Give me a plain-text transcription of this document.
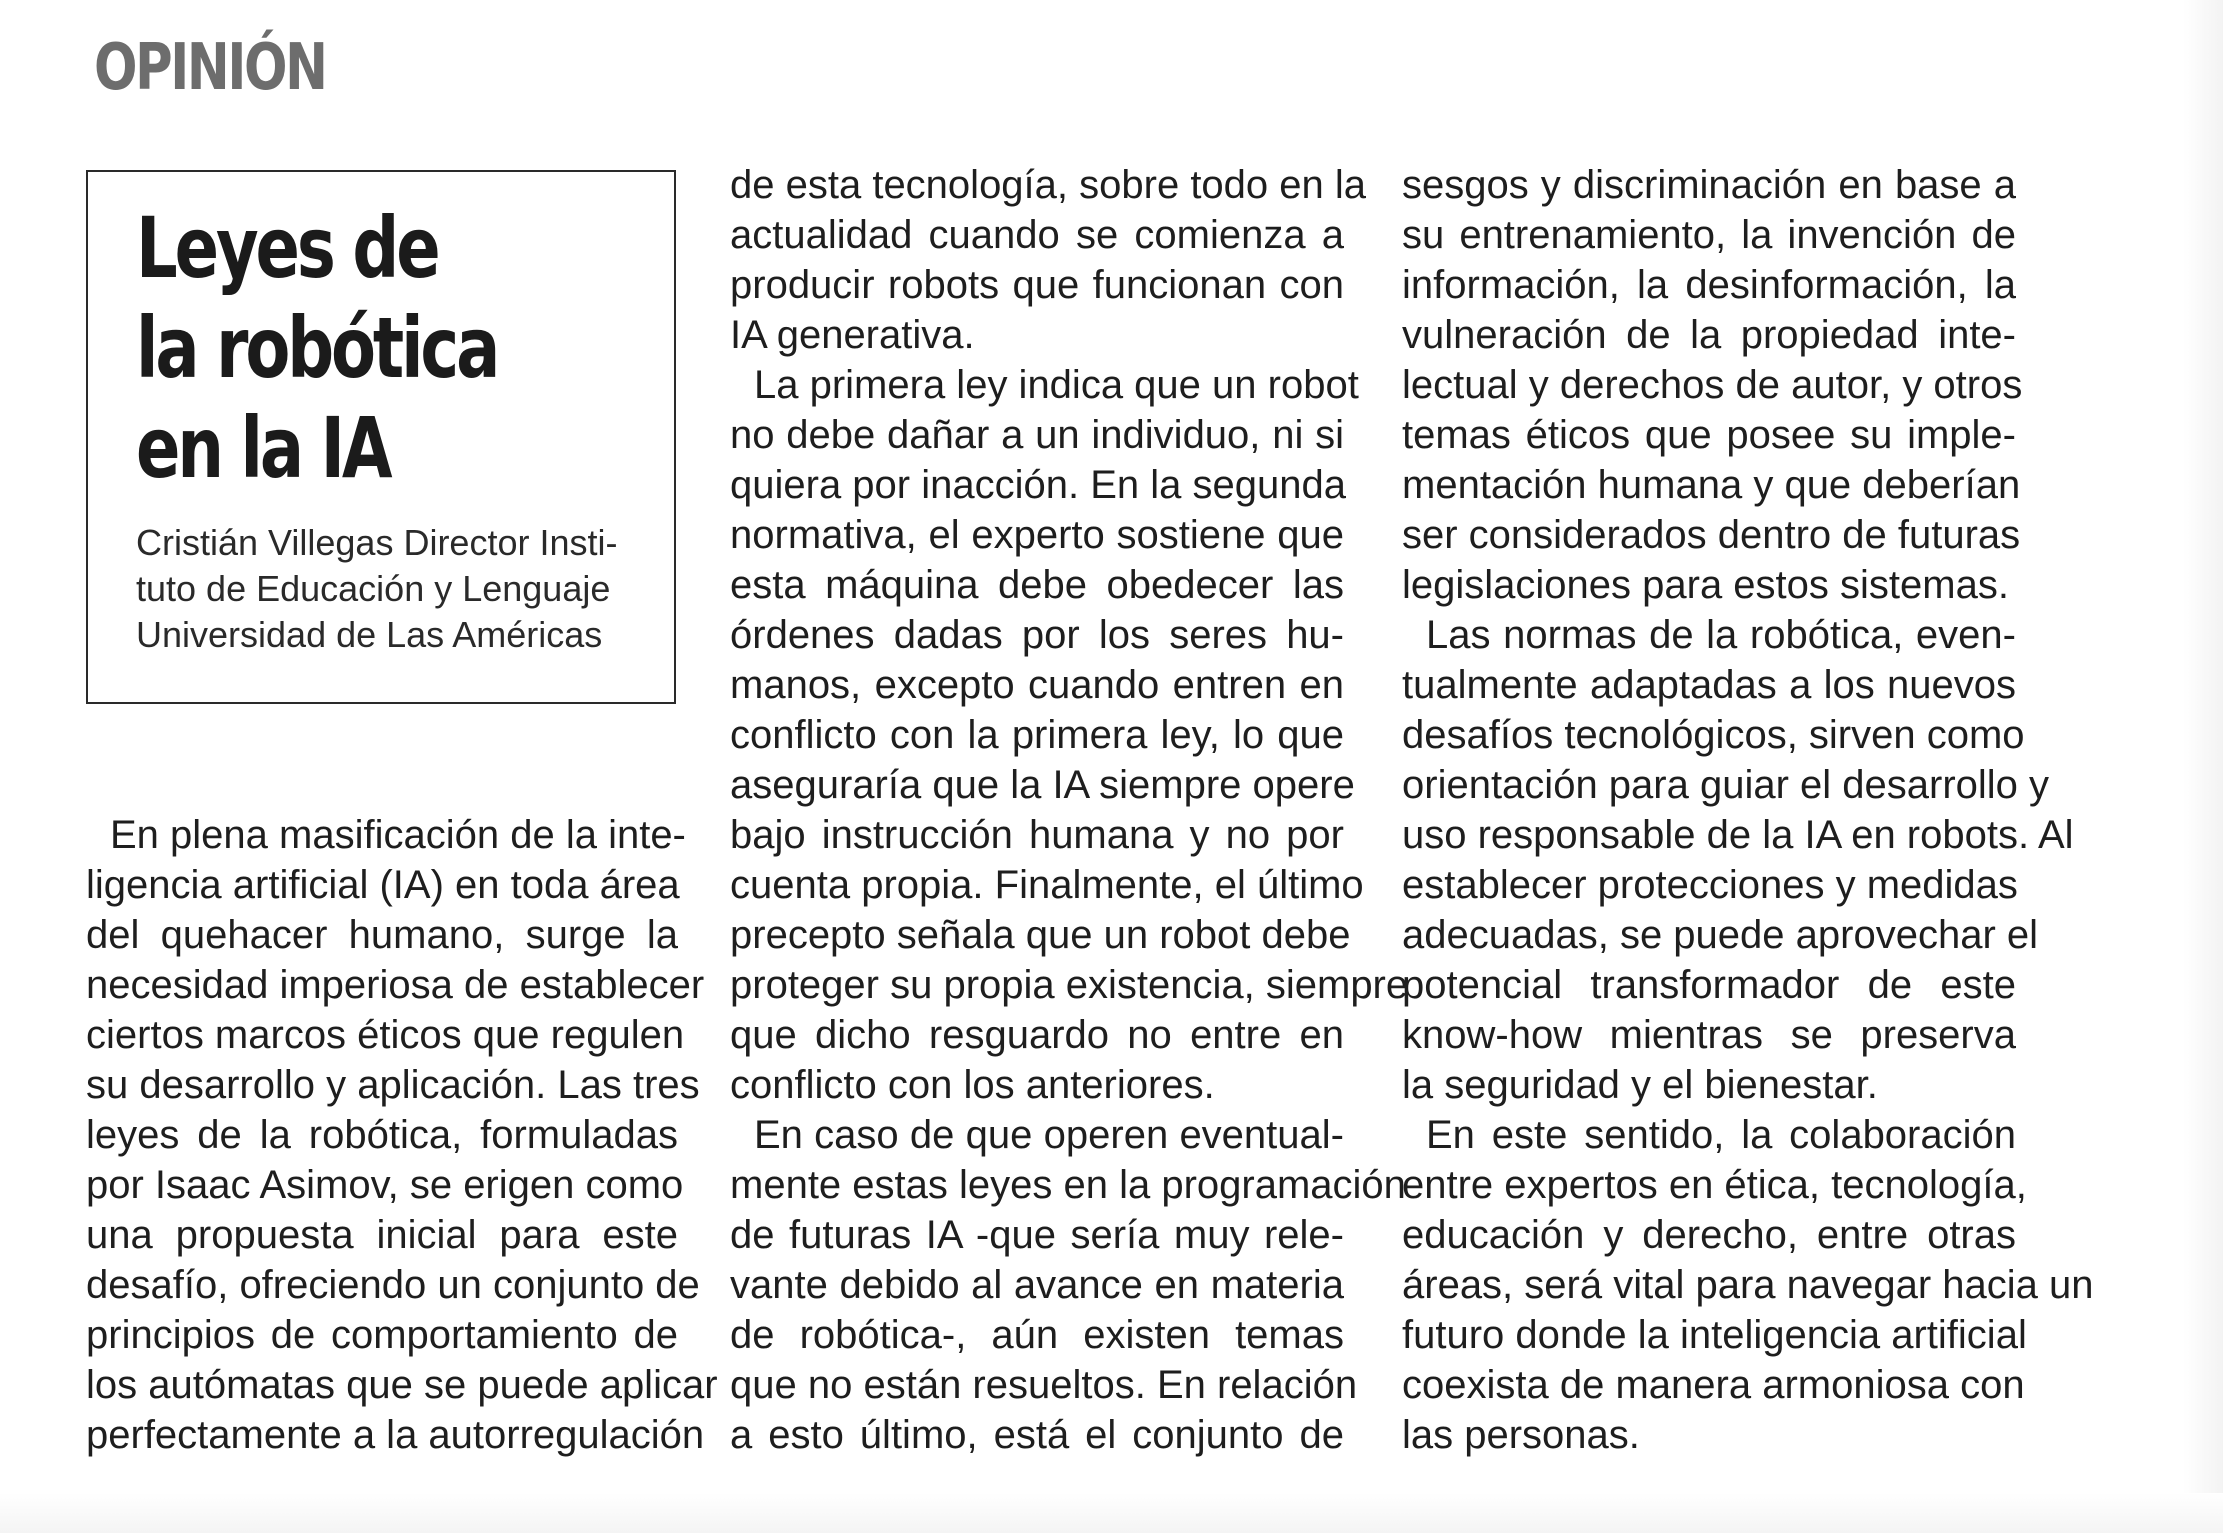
OPINIÓN
Leyes de
la robótica
en la IA
Cristián Villegas Director Insti-
tuto de Educación y Lenguaje
Universidad de Las Américas

En plena masificación de la inte-
ligencia artificial (IA) en toda área
del quehacer humano, surge la
necesidad imperiosa de establecer
ciertos marcos éticos que regulen
su desarrollo y aplicación. Las tres
leyes de la robótica, formuladas
por Isaac Asimov, se erigen como
una propuesta inicial para este
desafío, ofreciendo un conjunto de
principios de comportamiento de
los autómatas que se puede aplicar
perfectamente a la autorregulación

de esta tecnología, sobre todo en la
actualidad cuando se comienza a
producir robots que funcionan con
IA generativa.

La primera ley indica que un robot
no debe dañar a un individuo, ni si
quiera por inacción. En la segunda
normativa, el experto sostiene que
esta máquina debe obedecer las
órdenes dadas por los seres hu-
manos, excepto cuando entren en
conflicto con la primera ley, lo que
aseguraría que la IA siempre opere
bajo instrucción humana y no por
cuenta propia. Finalmente, el último
precepto señala que un robot debe
proteger su propia existencia, siempre
que dicho resguardo no entre en
conflicto con los anteriores.

En caso de que operen eventual-
mente estas leyes en la programación
de futuras IA -que sería muy rele-
vante debido al avance en materia
de robótica-, aún existen temas
que no están resueltos. En relación
a esto último, está el conjunto de

sesgos y discriminación en base a
su entrenamiento, la invención de
información, la desinformación, la
vulneración de la propiedad inte-
lectual y derechos de autor, y otros
temas éticos que posee su imple-
mentación humana y que deberían
ser considerados dentro de futuras
legislaciones para estos sistemas.

Las normas de la robótica, even-
tualmente adaptadas a los nuevos
desafíos tecnológicos, sirven como
orientación para guiar el desarrollo y
uso responsable de la IA en robots. Al
establecer protecciones y medidas
adecuadas, se puede aprovechar el
potencial transformador de este
know-how mientras se preserva
la seguridad y el bienestar.

En este sentido, la colaboración
entre expertos en ética, tecnología,
educación y derecho, entre otras
áreas, será vital para navegar hacia un
futuro donde la inteligencia artificial
coexista de manera armoniosa con
las personas.
